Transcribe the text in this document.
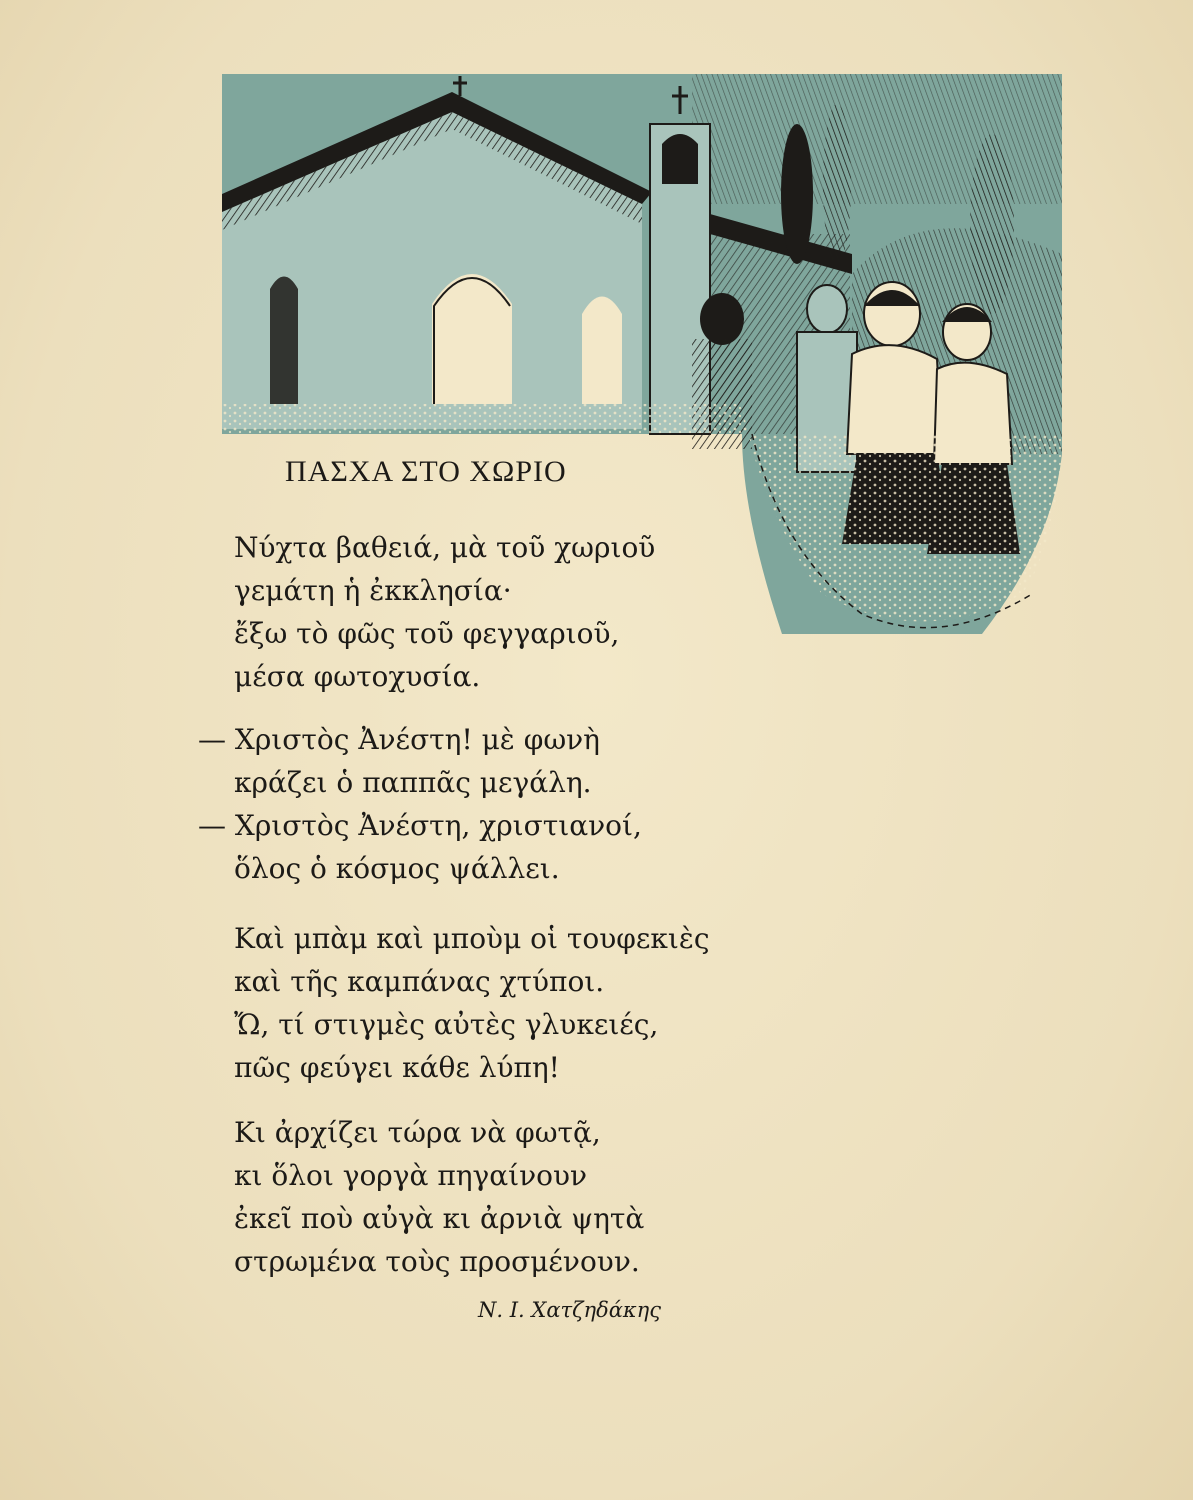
ΠΑΣΧΑ ΣΤΟ ΧΩΡΙΟ
Νύχτα βαθειά, μὰ τοῦ χωριοῦ
γεμάτη ἡ ἐκκλησία·
ἔξω τὸ φῶς τοῦ φεγγαριοῦ,
μέσα φωτοχυσία.
— Χριστὸς Ἀνέστη! μὲ φωνὴ
κράζει ὁ παππᾶς μεγάλη.
— Χριστὸς Ἀνέστη, χριστιανοί,
ὅλος ὁ κόσμος ψάλλει.
Καὶ μπὰμ καὶ μποὺμ οἱ τουφεκιὲς
καὶ τῆς καμπάνας χτύποι.
Ὤ, τί στιγμὲς αὐτὲς γλυκειές,
πῶς φεύγει κάθε λύπη!
Κι ἀρχίζει τώρα νὰ φωτᾷ,
κι ὅλοι γοργὰ πηγαίνουν
ἐκεῖ ποὺ αὐγὰ κι ἀρνιὰ ψητὰ
στρωμένα τοὺς προσμένουν.
Ν. Ι. Χατζηδάκης
